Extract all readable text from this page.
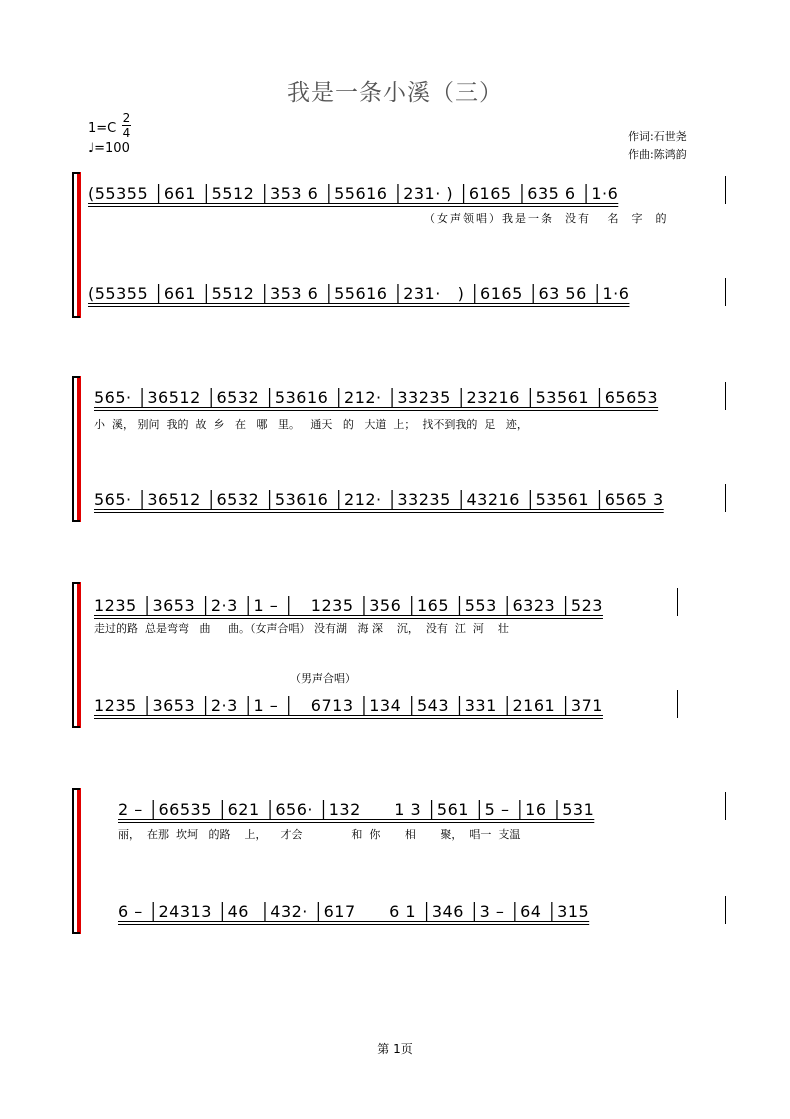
我是一条小溪（三）
1=C
2
4
♩=100
作词:石世尧
作曲:陈鸿韵
(55355 │661 │5512 │353 6 │55616 │231· ) │6165 │635 6 │1·6
（女声领唱）我是一条  没有   名  字  的
(55355 │661 │5512 │353 6 │55616 │231·   ) │6165 │63 56 │1·6
565· │36512 │6532 │53616 │212· │33235 │23216 │53561 │65653
小  溪， 别问  我的  故  乡   在   哪   里。   通天   的   大道  上；  找不到我的  足   迹，
565· │36512 │6532 │53616 │212· │33235 │43216 │53561 │6565 3
1235 │3653 │2·3 │1 – │   1235 │356 │165 │553 │6323 │523
走过的路  总是弯弯   曲     曲。（女声合唱） 没有湖   海 深    沉，  没有  江  河    壮
（男声合唱）
1235 │3653 │2·3 │1 – │   6713 │134 │543 │331 │2161 │371
2 – │66535 │621 │656· │132      1 3 │561 │5 – │16 │531
丽，  在那  坎坷   的路    上，    才会              和  你       相       聚，  唱一  支温
6 – │24313 │46  │432· │617      6 1 │346 │3 – │64 │315
第 1页
